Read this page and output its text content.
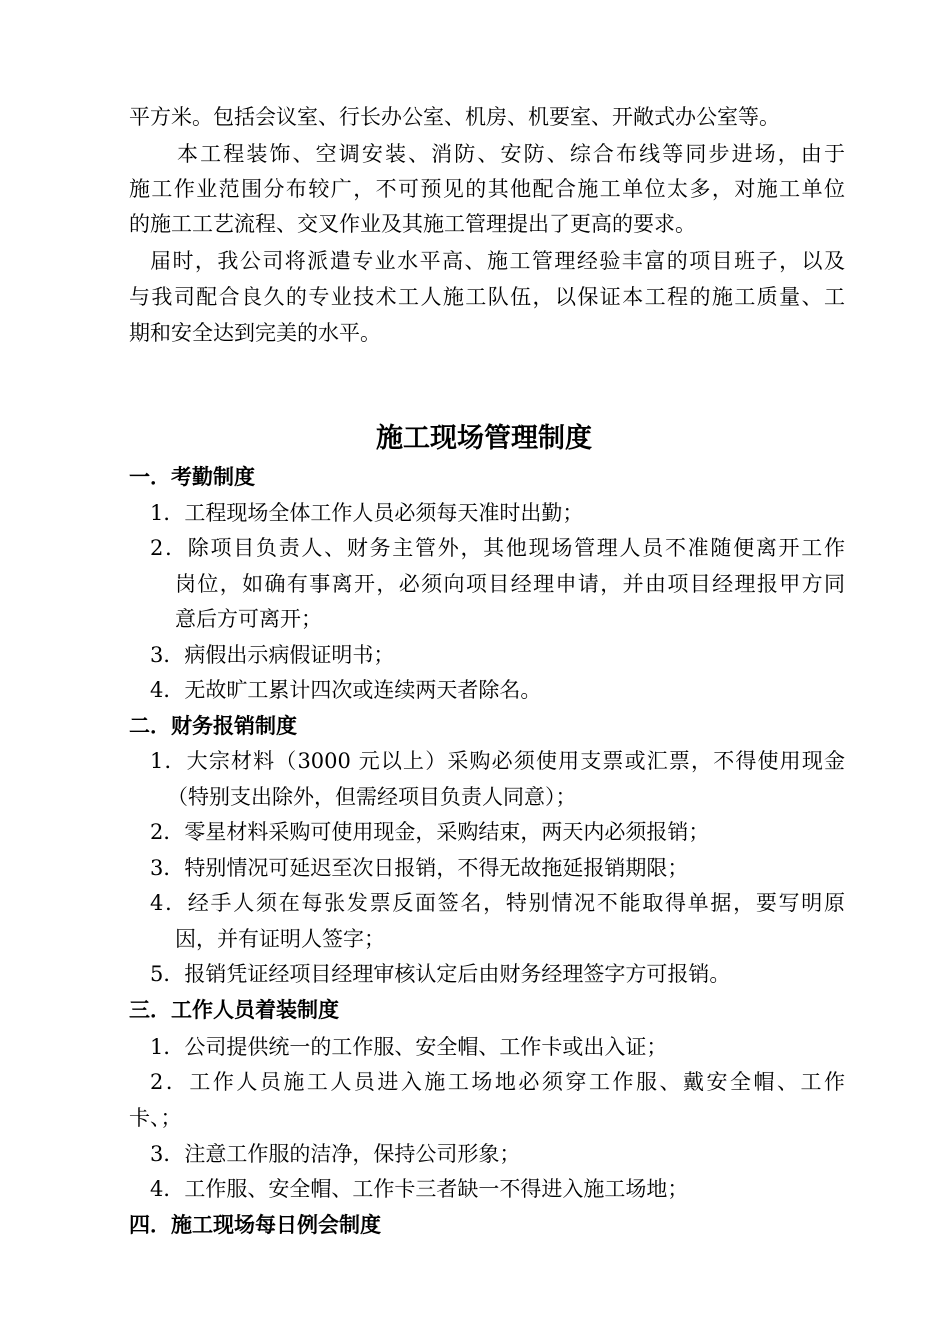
平方米。包括会议室、行长办公室、机房、机要室、开敞式办公室等。
本工程装饰、空调安装、消防、安防、综合布线等同步进场，由于
施工作业范围分布较广，不可预见的其他配合施工单位太多，对施工单位
的施工工艺流程、交叉作业及其施工管理提出了更高的要求。
届时，我公司将派遣专业水平高、施工管理经验丰富的项目班子，以及
与我司配合良久的专业技术工人施工队伍，以保证本工程的施工质量、工
期和安全达到完美的水平。
施工现场管理制度
一．考勤制度
1．工程现场全体工作人员必须每天准时出勤；
2．除项目负责人、财务主管外，其他现场管理人员不准随便离开工作
岗位，如确有事离开，必须向项目经理申请，并由项目经理报甲方同
意后方可离开；
3．病假出示病假证明书；
4．无故旷工累计四次或连续两天者除名。
二．财务报销制度
1．大宗材料（3000 元以上）采购必须使用支票或汇票，不得使用现金
（特别支出除外，但需经项目负责人同意）；
2．零星材料采购可使用现金，采购结束，两天内必须报销；
3．特别情况可延迟至次日报销，不得无故拖延报销期限；
4．经手人须在每张发票反面签名，特别情况不能取得单据，要写明原
因，并有证明人签字；
5．报销凭证经项目经理审核认定后由财务经理签字方可报销。
三．工作人员着装制度
1．公司提供统一的工作服、安全帽、工作卡或出入证；
2．工作人员施工人员进入施工场地必须穿工作服、戴安全帽、工作
卡、；
3．注意工作服的洁净，保持公司形象；
4．工作服、安全帽、工作卡三者缺一不得进入施工场地；
四．施工现场每日例会制度
